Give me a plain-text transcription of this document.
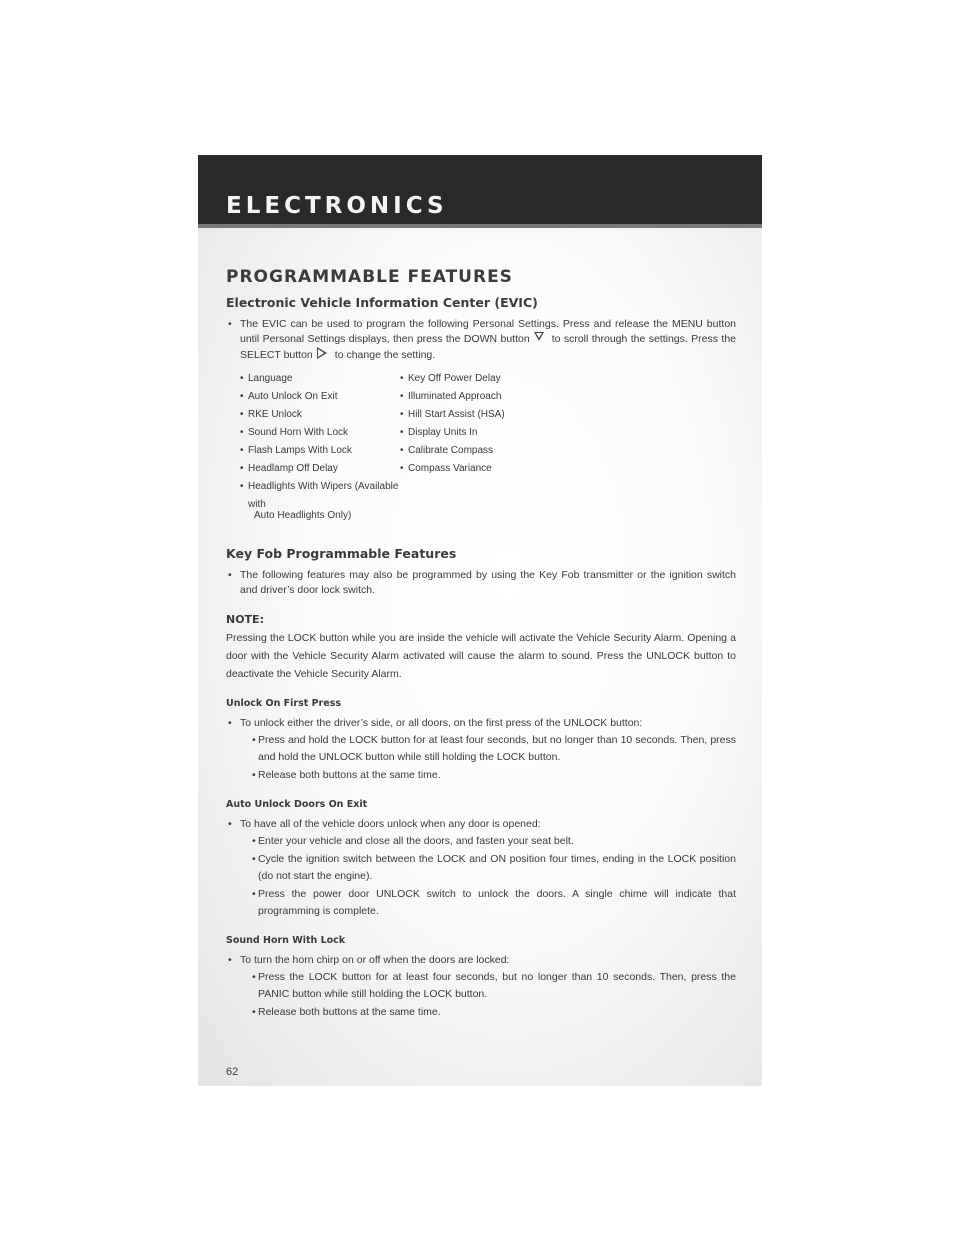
ELECTRONICS
PROGRAMMABLE FEATURES
Electronic Vehicle Information Center (EVIC)

• The EVIC can be used to program the following Personal Settings. Press and release the MENU button until Personal Settings displays, then press the DOWN button to scroll through the settings. Press the SELECT button to change the setting.

• Language	• Key Off Power Delay
• Auto Unlock On Exit	• Illuminated Approach
• RKE Unlock	• Hill Start Assist (HSA)
• Sound Horn With Lock	• Display Units In
• Flash Lamps With Lock	• Calibrate Compass
• Headlamp Off Delay	• Compass Variance
• Headlights With Wipers (Available with
Auto Headlights Only)
Key Fob Programmable Features

• The following features may also be programmed by using the Key Fob transmitter or the ignition switch and driver’s door lock switch.

NOTE:

Pressing the LOCK button while you are inside the vehicle will activate the Vehicle Security Alarm. Opening a door with the Vehicle Security Alarm activated will cause the alarm to sound. Press the UNLOCK button to deactivate the Vehicle Security Alarm.

Unlock On First Press

• To unlock either the driver’s side, or all doors, on the first press of the UNLOCK button:

• Press and hold the LOCK button for at least four seconds, but no longer than 10 seconds. Then, press and hold the UNLOCK button while still holding the LOCK button.

• Release both buttons at the same time.

Auto Unlock Doors On Exit

• To have all of the vehicle doors unlock when any door is opened:

• Enter your vehicle and close all the doors, and fasten your seat belt.

• Cycle the ignition switch between the LOCK and ON position four times, ending in the LOCK position (do not start the engine).

• Press the power door UNLOCK switch to unlock the doors. A single chime will indicate that programming is complete.

Sound Horn With Lock

• To turn the horn chirp on or off when the doors are locked:

• Press the LOCK button for at least four seconds, but no longer than 10 seconds. Then, press the PANIC button while still holding the LOCK button.

• Release both buttons at the same time.

62
